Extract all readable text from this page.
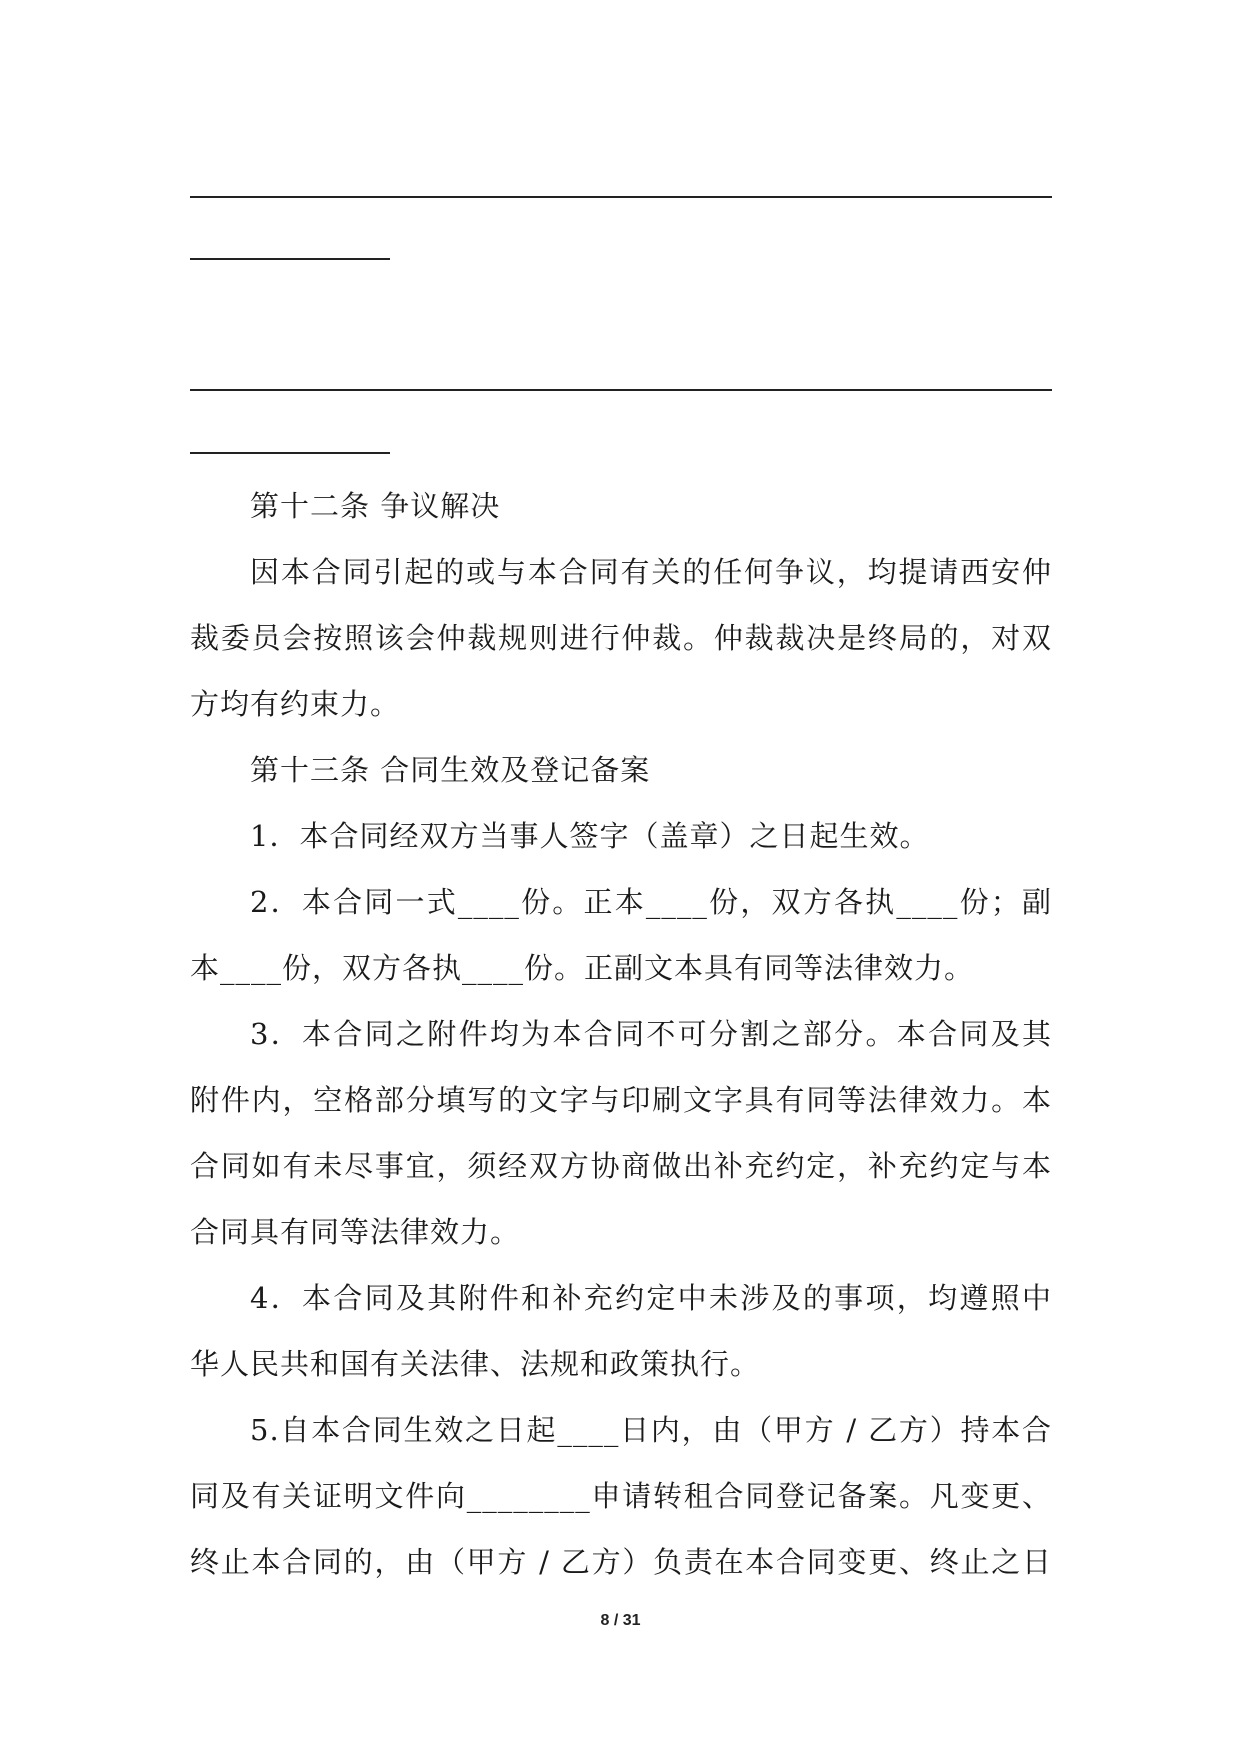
第十二条 争议解决
因本合同引起的或与本合同有关的任何争议，均提请西安仲
裁委员会按照该会仲裁规则进行仲裁。仲裁裁决是终局的，对双
方均有约束力。
第十三条 合同生效及登记备案
1．本合同经双方当事人签字（盖章）之日起生效。
2．本合同一式____份。正本____份，双方各执____份；副
本____份，双方各执____份。正副文本具有同等法律效力。
3．本合同之附件均为本合同不可分割之部分。本合同及其
附件内，空格部分填写的文字与印刷文字具有同等法律效力。本
合同如有未尽事宜，须经双方协商做出补充约定，补充约定与本
合同具有同等法律效力。
4．本合同及其附件和补充约定中未涉及的事项，均遵照中
华人民共和国有关法律、法规和政策执行。
5.自本合同生效之日起____日内，由（甲方 / 乙方）持本合
同及有关证明文件向________申请转租合同登记备案。凡变更、
终止本合同的，由（甲方 / 乙方）负责在本合同变更、终止之日
8 / 31
